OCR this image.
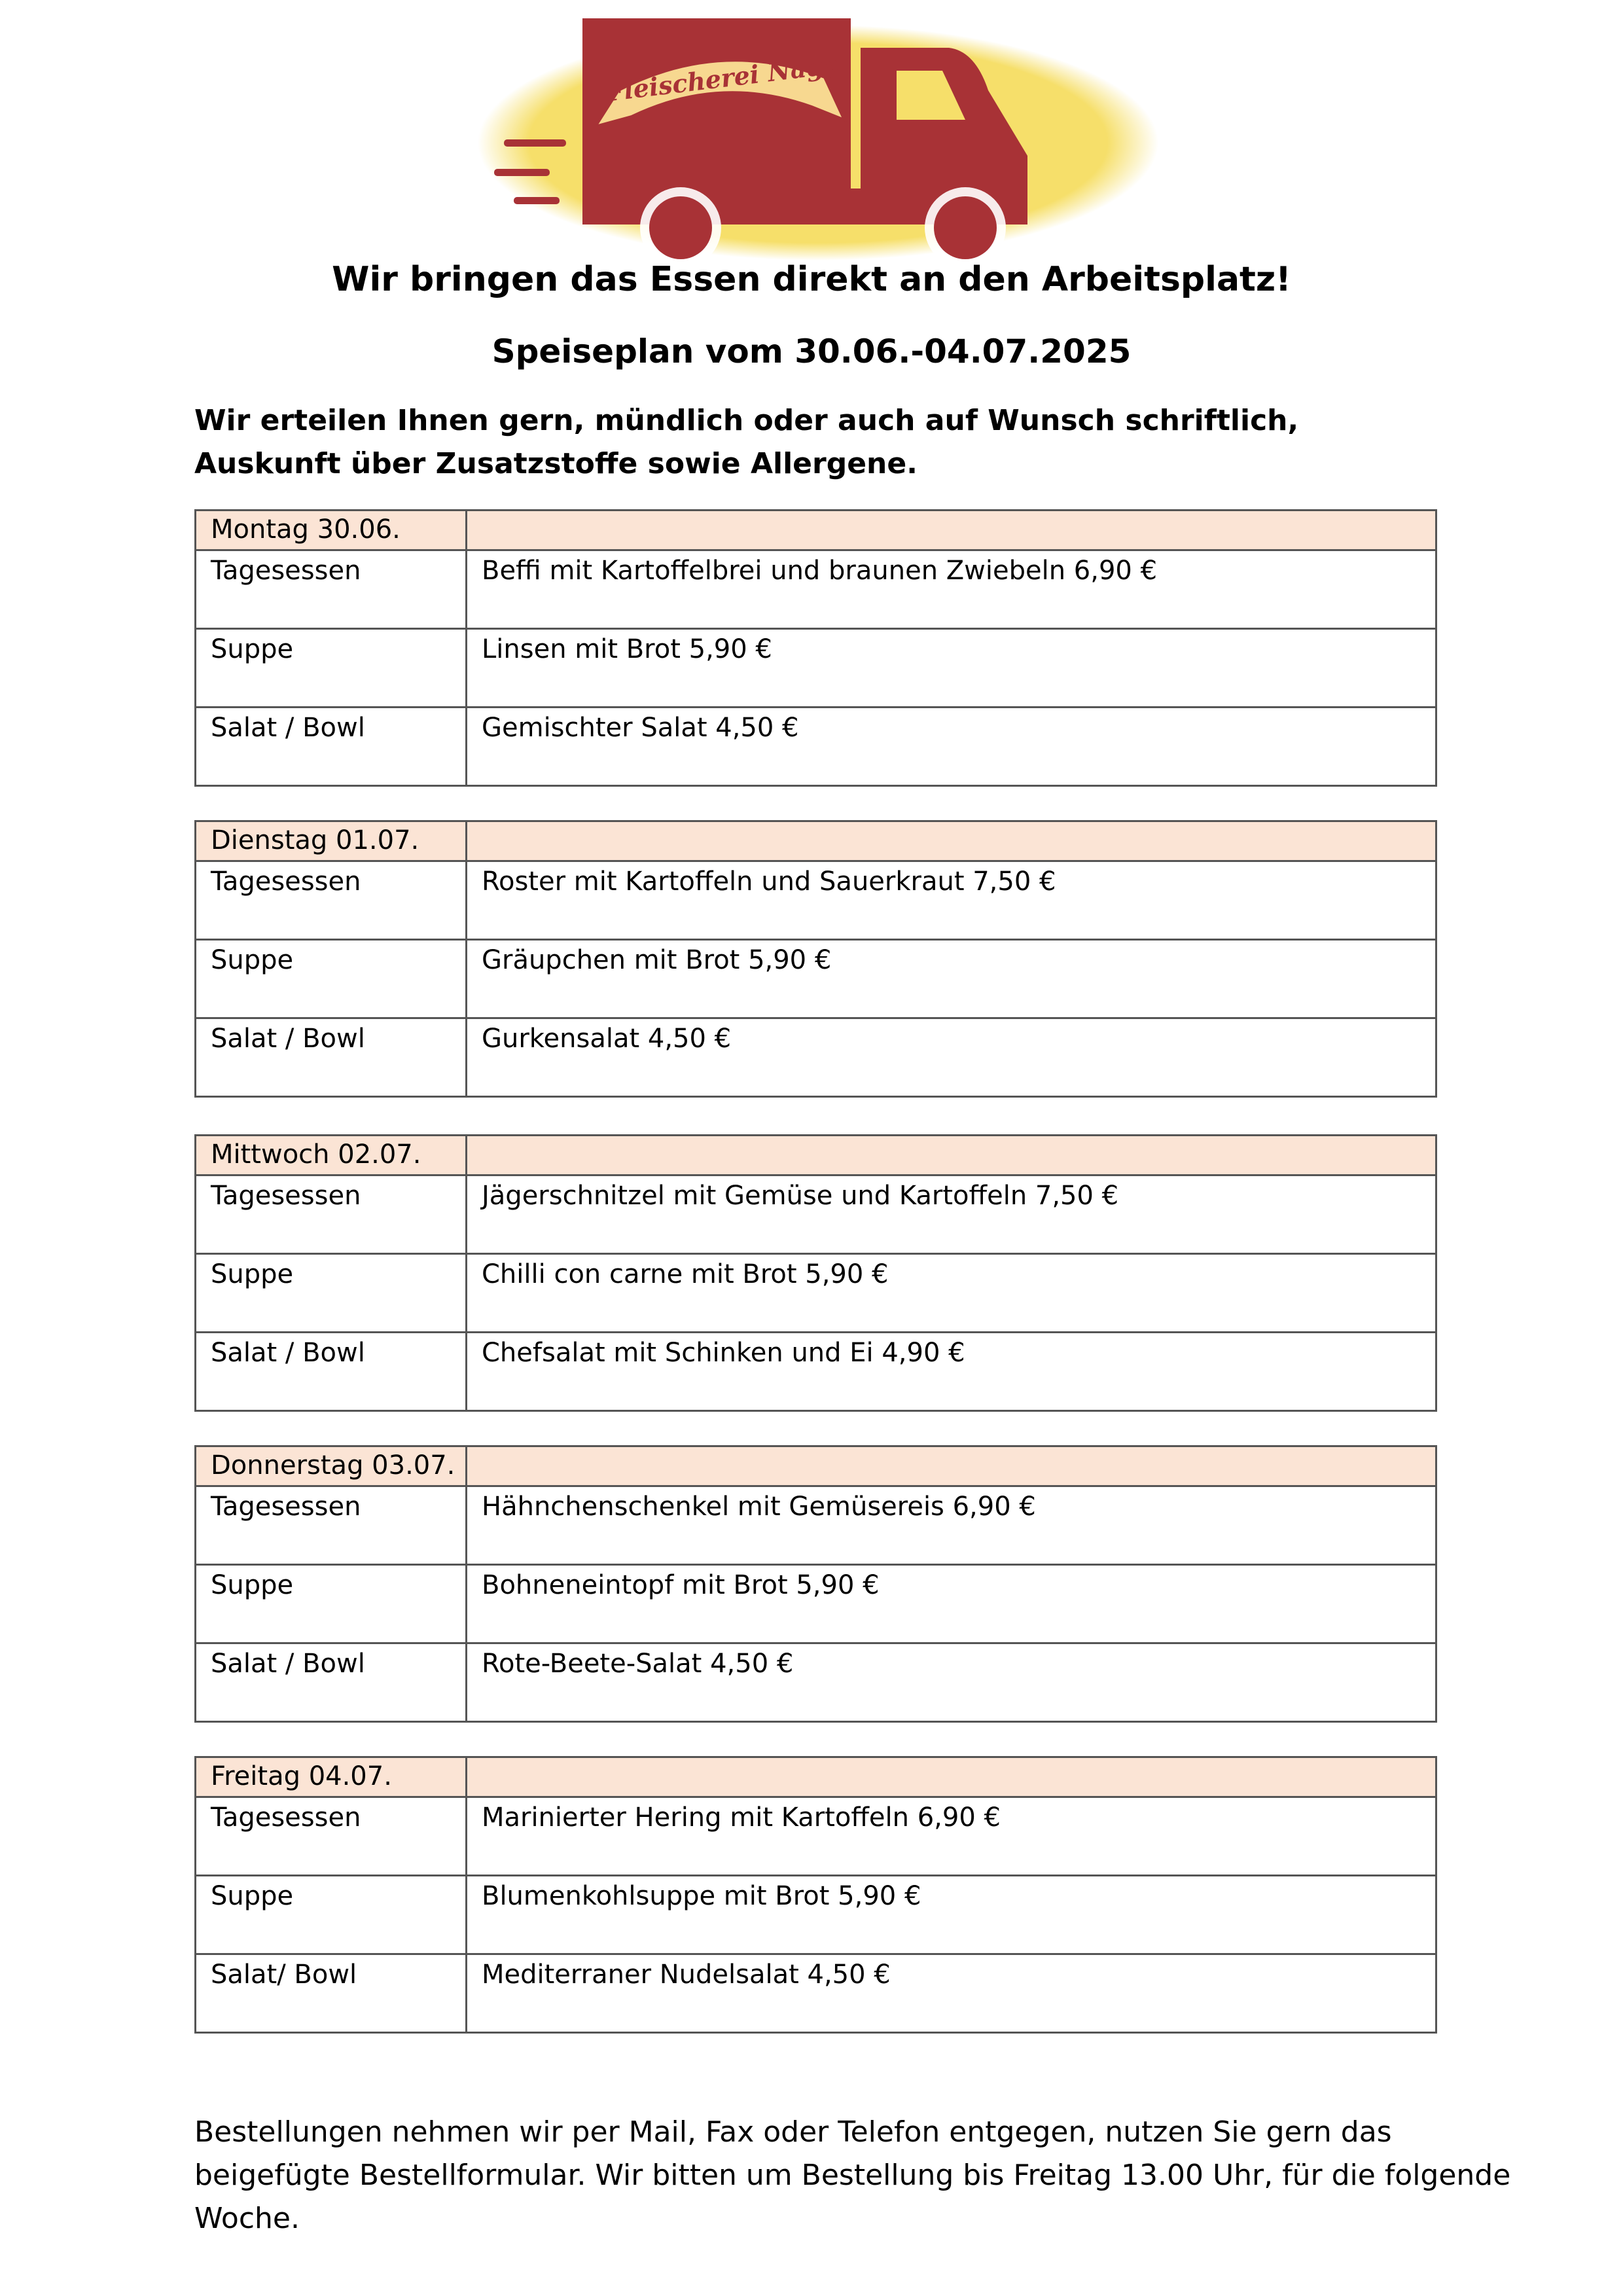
Fleischerei Nagy
Wir bringen das Essen direkt an den Arbeitsplatz!
Speiseplan vom 30.06.-04.07.2025
Wir erteilen Ihnen gern, mündlich oder auch auf Wunsch schriftlich,
Auskunft über Zusatzstoffe sowie Allergene.
Montag 30.06.
Tagesessen	Beffi mit Kartoffelbrei und braunen Zwiebeln 6,90 €
Suppe	Linsen mit Brot 5,90 €
Salat / Bowl	Gemischter Salat 4,50 €
Dienstag 01.07.
Tagesessen	Roster mit Kartoffeln und Sauerkraut 7,50 €
Suppe	Gräupchen mit Brot 5,90 €
Salat / Bowl	Gurkensalat 4,50 €
Mittwoch 02.07.
Tagesessen	Jägerschnitzel mit Gemüse und Kartoffeln 7,50 €
Suppe	Chilli con carne mit Brot 5,90 €
Salat / Bowl	Chefsalat mit Schinken und Ei 4,90 €
Donnerstag 03.07.
Tagesessen	Hähnchenschenkel mit Gemüsereis 6,90 €
Suppe	Bohneneintopf mit Brot 5,90 €
Salat / Bowl	Rote-Beete-Salat 4,50 €
Freitag 04.07.
Tagesessen	Marinierter Hering mit Kartoffeln 6,90 €
Suppe	Blumenkohlsuppe mit Brot 5,90 €
Salat/ Bowl	Mediterraner Nudelsalat 4,50 €
Bestellungen nehmen wir per Mail, Fax oder Telefon entgegen, nutzen Sie gern das
beigefügte Bestellformular. Wir bitten um Bestellung bis Freitag 13.00 Uhr, für die folgende
Woche.
